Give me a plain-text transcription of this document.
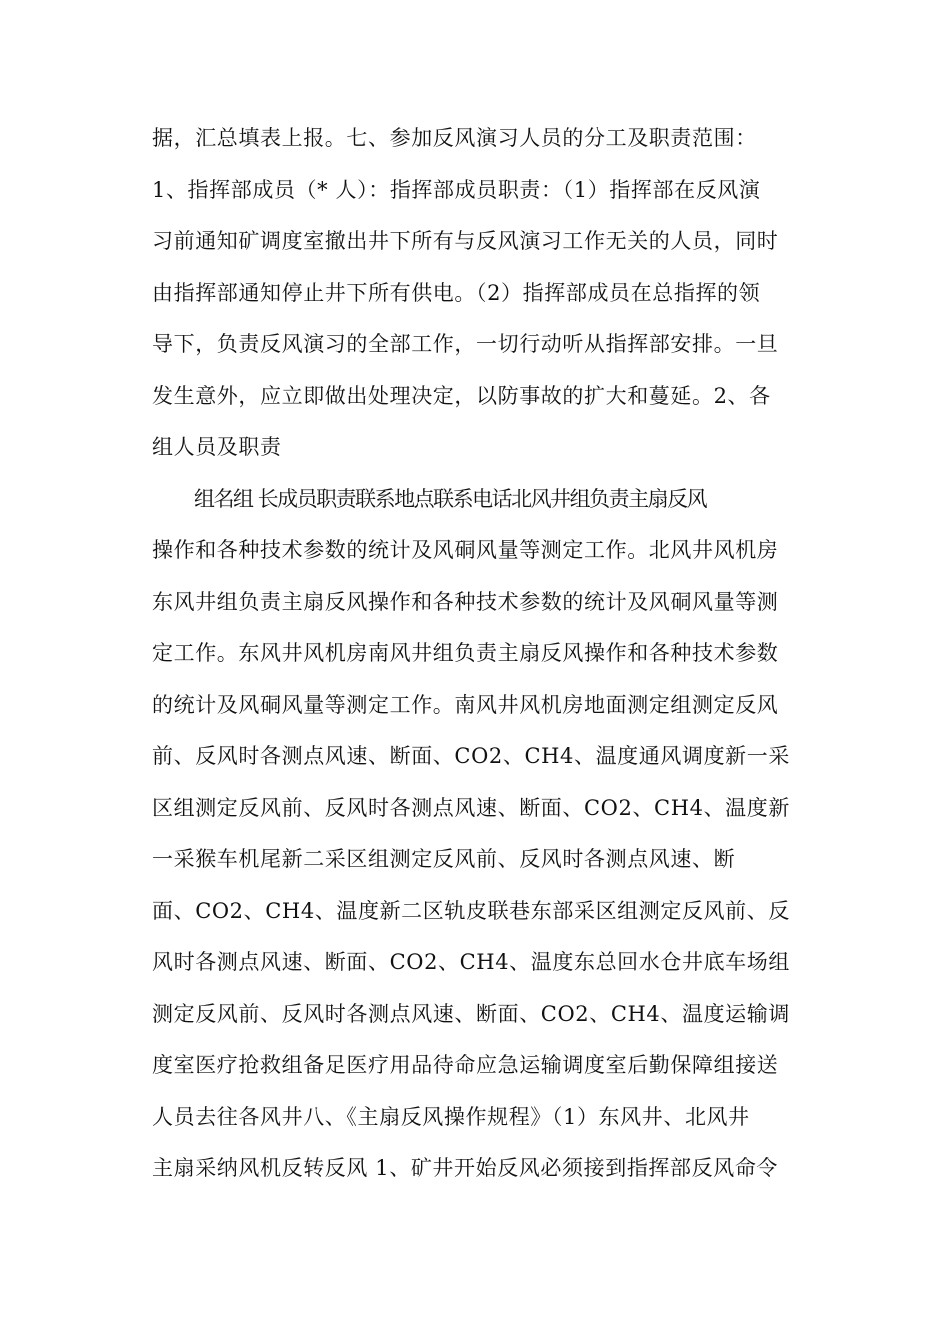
据，汇总填表上报。七、参加反风演习人员的分工及职责范围：
1、指挥部成员（* 人）：指挥部成员职责：（1）指挥部在反风演
习前通知矿调度室撤出井下所有与反风演习工作无关的人员，同时
由指挥部通知停止井下所有供电。（2）指挥部成员在总指挥的领
导下，负责反风演习的全部工作，一切行动听从指挥部安排。一旦
发生意外，应立即做出处理决定，以防事故的扩大和蔓延。2、各
组人员及职责
组名组 长成员职责联系地点联系电话北风井组负责主扇反风
操作和各种技术参数的统计及风硐风量等测定工作。北风井风机房
东风井组负责主扇反风操作和各种技术参数的统计及风硐风量等测
定工作。东风井风机房南风井组负责主扇反风操作和各种技术参数
的统计及风硐风量等测定工作。南风井风机房地面测定组测定反风
前、反风时各测点风速、断面、CO2、CH4、温度通风调度新一采
区组测定反风前、反风时各测点风速、断面、CO2、CH4、温度新
一采猴车机尾新二采区组测定反风前、反风时各测点风速、断
面、CO2、CH4、温度新二区轨皮联巷东部采区组测定反风前、反
风时各测点风速、断面、CO2、CH4、温度东总回水仓井底车场组
测定反风前、反风时各测点风速、断面、CO2、CH4、温度运输调
度室医疗抢救组备足医疗用品待命应急运输调度室后勤保障组接送
人员去往各风井八、《主扇反风操作规程》（1）东风井、北风井
主扇采纳风机反转反风 1、矿井开始反风必须接到指挥部反风命令
